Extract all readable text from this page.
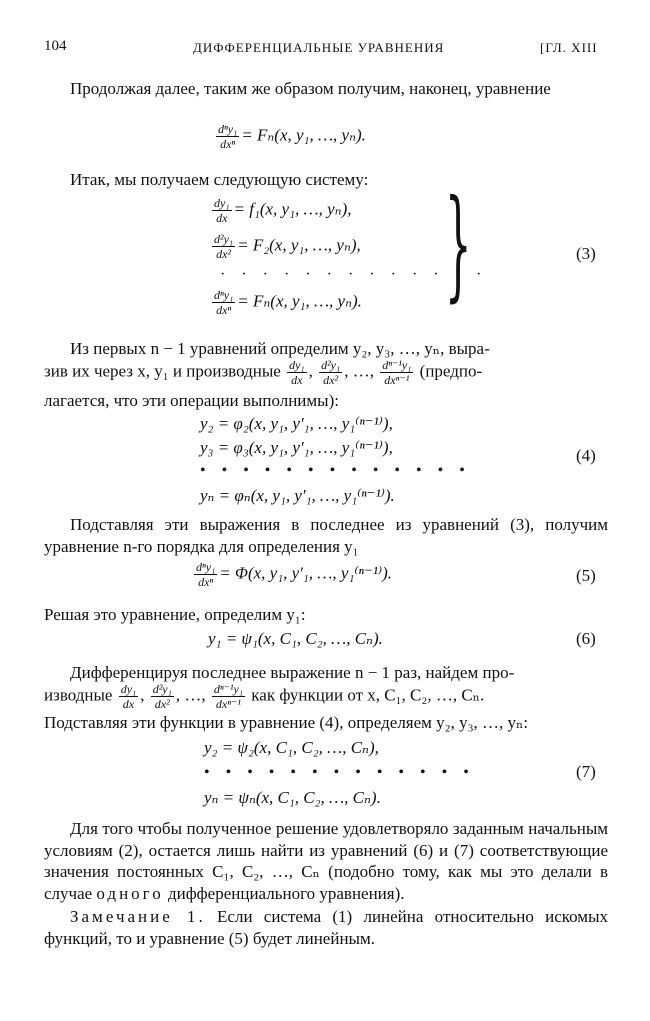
104	ДИФФЕРЕНЦИАЛЬНЫЕ УРАВНЕНИЯ	[ГЛ. XIII
Продолжая далее, таким же образом получим, наконец, уравнение
$\frac{\text{dⁿy₁}}{\text{dxⁿ}} = F_n(x$, y₁, …, yₙ).
Итак, мы получаем следующую систему:
$\frac{\text{dy₁}}{dx} = f_1(x$, y₁, …, yₙ),
$\frac{\text{d²y₁}}{\text{dx²}} = F_2(x$, y₁, …, yₙ),
· · · · · · · · · · · · ·
$\frac{\text{dⁿy₁}}{\text{dxⁿ}} = F_n(x$, y₁, …, yₙ). }	(3)
Из первых n − 1 уравнений определим y₂, y₃, …, yₙ, выра-
зив их через x, y₁ и производные $\frac{\text{dy₁}}{dx}$ , $\frac{\text{d²y₁}}{\text{dx²}}$ , …, $\frac{\text{dⁿ⁻¹y₁}}{\text{dxⁿ⁻¹}}$ (предпо-
лагается, что эти операции выполнимы):
y₂ = φ₂(x, y₁, y′₁, …, y₁⁽ⁿ⁻¹⁾),
y₃ = φ₃(x, y₁, y′₁, …, y₁⁽ⁿ⁻¹⁾),
• • • • • • • • • • • • •
yₙ = φₙ(x, y₁, y′₁, …, y₁⁽ⁿ⁻¹⁾).
(4)
Подставляя эти выражения в последнее из уравнений (3), получим уравнение n-го порядка для определения y₁
$\frac{\text{dⁿy₁}}{\text{dxⁿ}} = \Phi(x$, y₁, y′₁, …, y₁⁽ⁿ⁻¹⁾).	(5)
Решая это уравнение, определим y₁:
y₁ = ψ₁(x, C₁, C₂, …, Cₙ).	(6)
Дифференцируя последнее выражение n − 1 раз, найдем про-
изводные $\frac{\text{dy₁}}{dx}$ , $\frac{\text{d²y₁}}{\text{dx²}}$ , …, $\frac{\text{dⁿ⁻¹y₁}}{\text{dxⁿ⁻¹}}$ как функции от x, C₁, C₂, …, Cₙ.
Подставляя эти функции в уравнение (4), определяем y₂, y₃, …, yₙ:
y₂ = ψ₂(x, C₁, C₂, …, Cₙ),
• • • • • • • • • • • • •
yₙ = ψₙ(x, C₁, C₂, …, Cₙ).
(7)
Для того чтобы полученное решение удовлетворяло заданным начальным условиям (2), остается лишь найти из уравнений (6) и (7) соответствующие значения постоянных C₁, C₂, …, Cₙ (подобно тому, как мы это делали в случае одного дифференциального уравнения).
Замечание 1. Если система (1) линейна относительно искомых функций, то и уравнение (5) будет линейным.
